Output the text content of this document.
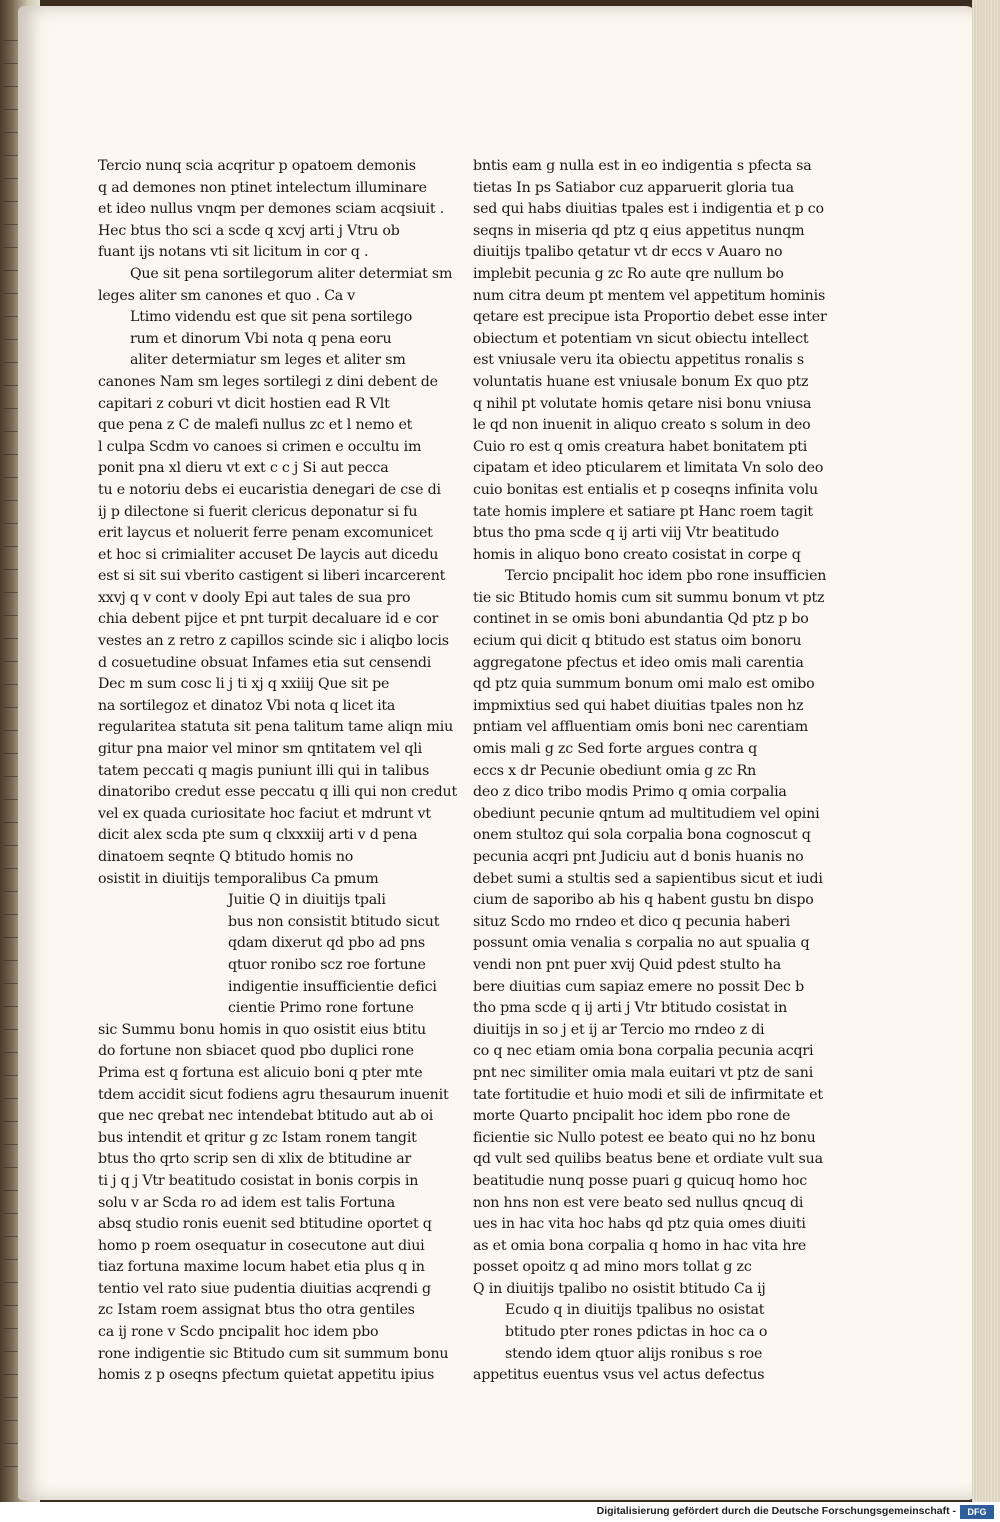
Tercio nunq scia acqritur p opatoem demonis
q ad demones non ptinet intelectum illuminare
et ideo nullus vnqm per demones sciam acqsiuit .
Hec btus tho sci a scde q xcvj arti j Vtru ob
fuant ijs notans vti sit licitum in cor q .
Que sit pena sortilegorum aliter determiat sm
leges aliter sm canones et quo . Ca v
Ltimo videndu est que sit pena sortilego
rum et dinorum Vbi nota q pena eoru
aliter determiatur sm leges et aliter sm
canones Nam sm leges sortilegi z dini debent de
capitari z coburi vt dicit hostien ead R Vlt
que pena z C de malefi nullus zc et l nemo et
l culpa Scdm vo canoes si crimen e occultu im
ponit pna xl dieru vt ext c c j Si aut pecca
tu e notoriu debs ei eucaristia denegari de cse di
ij p dilectone si fuerit clericus deponatur si fu
erit laycus et noluerit ferre penam excomunicet
et hoc si crimialiter accuset De laycis aut dicedu
est si sit sui vberito castigent si liberi incarcerent
xxvj q v cont v dooly Epi aut tales de sua pro
chia debent pijce et pnt turpit decaluare id e cor
vestes an z retro z capillos scinde sic i aliqbo locis
d cosuetudine obsuat Infames etia sut censendi
Dec m sum cosc li j ti xj q xxiiij Que sit pe
na sortilegoz et dinatoz Vbi nota q licet ita
regularitea statuta sit pena talitum tame aliqn miu
gitur pna maior vel minor sm qntitatem vel qli
tatem peccati q magis puniunt illi qui in talibus
dinatoribo credut esse peccatu q illi qui non credut
vel ex quada curiositate hoc faciut et mdrunt vt
dicit alex scda pte sum q clxxxiij arti v d pena
dinatoem seqnte Q btitudo homis no
osistit in diuitijs temporalibus Ca pmum
Juitie Q in diuitijs tpali
bus non consistit btitudo sicut
qdam dixerut qd pbo ad pns
qtuor ronibo scz roe fortune
indigentie insufficientie defici
cientie Primo rone fortune
sic Summu bonu homis in quo osistit eius btitu
do fortune non sbiacet quod pbo duplici rone
Prima est q fortuna est alicuio boni q pter mte
tdem accidit sicut fodiens agru thesaurum inuenit
que nec qrebat nec intendebat btitudo aut ab oi
bus intendit et qritur g zc Istam ronem tangit
btus tho qrto scrip sen di xlix de btitudine ar
ti j q j Vtr beatitudo cosistat in bonis corpis in
solu v ar Scda ro ad idem est talis Fortuna
absq studio ronis euenit sed btitudine oportet q
homo p roem osequatur in cosecutone aut diui
tiaz fortuna maxime locum habet etia plus q in
tentio vel rato siue pudentia diuitias acqrendi g
zc Istam roem assignat btus tho otra gentiles
ca ij rone v Scdo pncipalit hoc idem pbo
rone indigentie sic Btitudo cum sit summum bonu
homis z p oseqns pfectum quietat appetitu ipius
bntis eam g nulla est in eo indigentia s pfecta sa
tietas In ps Satiabor cuz apparuerit gloria tua
sed qui habs diuitias tpales est i indigentia et p co
seqns in miseria qd ptz q eius appetitus nunqm
diuitijs tpalibo qetatur vt dr eccs v Auaro no
implebit pecunia g zc Ro aute qre nullum bo
num citra deum pt mentem vel appetitum hominis
qetare est precipue ista Proportio debet esse inter
obiectum et potentiam vn sicut obiectu intellect
est vniusale veru ita obiectu appetitus ronalis s
voluntatis huane est vniusale bonum Ex quo ptz
q nihil pt volutate homis qetare nisi bonu vniusa
le qd non inuenit in aliquo creato s solum in deo
Cuio ro est q omis creatura habet bonitatem pti
cipatam et ideo pticularem et limitata Vn solo deo
cuio bonitas est entialis et p coseqns infinita volu
tate homis implere et satiare pt Hanc roem tagit
btus tho pma scde q ij arti viij Vtr beatitudo
homis in aliquo bono creato cosistat in corpe q
Tercio pncipalit hoc idem pbo rone insufficien
tie sic Btitudo homis cum sit summu bonum vt ptz
continet in se omis boni abundantia Qd ptz p bo
ecium qui dicit q btitudo est status oim bonoru
aggregatone pfectus et ideo omis mali carentia
qd ptz quia summum bonum omi malo est omibo
impmixtius sed qui habet diuitias tpales non hz
pntiam vel affluentiam omis boni nec carentiam
omis mali g zc Sed forte argues contra q
eccs x dr Pecunie obediunt omia g zc Rn
deo z dico tribo modis Primo q omia corpalia
obediunt pecunie qntum ad multitudiem vel opini
onem stultoz qui sola corpalia bona cognoscut q
pecunia acqri pnt Judiciu aut d bonis huanis no
debet sumi a stultis sed a sapientibus sicut et iudi
cium de saporibo ab his q habent gustu bn dispo
situz Scdo mo rndeo et dico q pecunia haberi
possunt omia venalia s corpalia no aut spualia q
vendi non pnt puer xvij Quid pdest stulto ha
bere diuitias cum sapiaz emere no possit Dec b
tho pma scde q ij arti j Vtr btitudo cosistat in
diuitijs in so j et ij ar Tercio mo rndeo z di
co q nec etiam omia bona corpalia pecunia acqri
pnt nec similiter omia mala euitari vt ptz de sani
tate fortitudie et huio modi et sili de infirmitate et
morte Quarto pncipalit hoc idem pbo rone de
ficientie sic Nullo potest ee beato qui no hz bonu
qd vult sed quilibs beatus bene et ordiate vult sua
beatitudie nunq posse puari g quicuq homo hoc
non hns non est vere beato sed nullus qncuq di
ues in hac vita hoc habs qd ptz quia omes diuiti
as et omia bona corpalia q homo in hac vita hre
posset opoitz q ad mino mors tollat g zc
Q in diuitijs tpalibo no osistit btitudo Ca ij
Ecudo q in diuitijs tpalibus no osistat
btitudo pter rones pdictas in hoc ca o
stendo idem qtuor alijs ronibus s roe
appetitus euentus vsus vel actus defectus
Digitalisierung gefördert durch die Deutsche Forschungsgemeinschaft -	DFG
